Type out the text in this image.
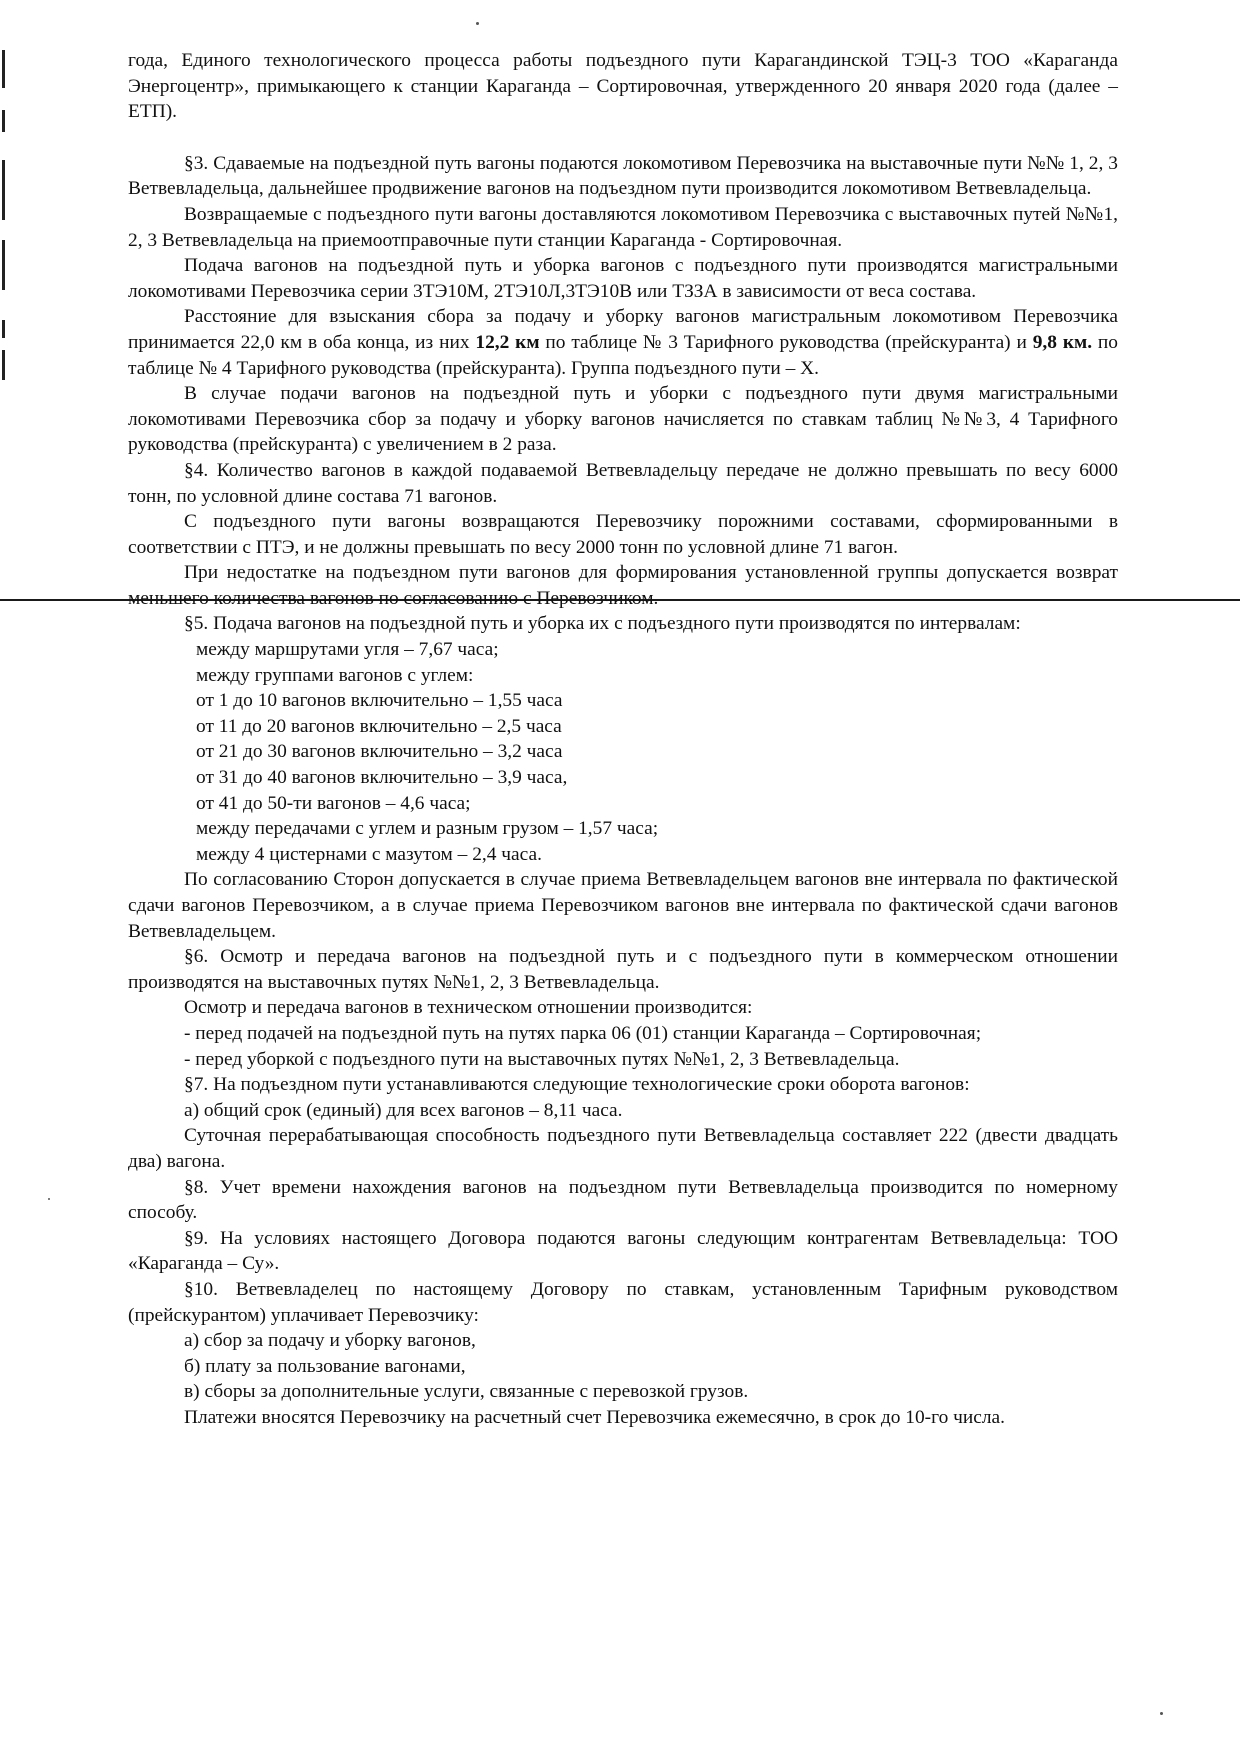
года, Единого технологического процесса работы подъездного пути Карагандинской ТЭЦ-3 ТОО «Караганда Энергоцентр», примыкающего к станции Караганда – Сортировочная, утвержденного 20 января 2020 года (далее – ЕТП).

§3. Сдаваемые на подъездной путь вагоны подаются локомотивом Перевозчика на выставочные пути №№ 1, 2, 3 Ветвевладельца, дальнейшее продвижение вагонов на подъездном пути производится локомотивом Ветвевладельца.

Возвращаемые с подъездного пути вагоны доставляются локомотивом Перевозчика с выставочных путей №№1, 2, 3 Ветвевладельца на приемоотправочные пути станции Караганда - Сортировочная.

Подача вагонов на подъездной путь и уборка вагонов с подъездного пути производятся магистральными локомотивами Перевозчика серии 3ТЭ10М, 2ТЭ10Л,3ТЭ10В или ТЗЗА в зависимости от веса состава.

Расстояние для взыскания сбора за подачу и уборку вагонов магистральным локомотивом Перевозчика принимается 22,0 км в оба конца, из них 12,2 км по таблице № 3 Тарифного руководства (прейскуранта) и 9,8 км. по таблице № 4 Тарифного руководства (прейскуранта). Группа подъездного пути – Х.

В случае подачи вагонов на подъездной путь и уборки с подъездного пути двумя магистральными локомотивами Перевозчика сбор за подачу и уборку вагонов начисляется по ставкам таблиц №№3, 4 Тарифного руководства (прейскуранта) с увеличением в 2 раза.

§4. Количество вагонов в каждой подаваемой Ветвевладельцу передаче не должно превышать по весу 6000 тонн, по условной длине состава 71 вагонов.

С подъездного пути вагоны возвращаются Перевозчику порожними составами, сформированными в соответствии с ПТЭ, и не должны превышать по весу 2000 тонн по условной длине 71 вагон.

При недостатке на подъездном пути вагонов для формирования установленной группы допускается возврат меньшего количества вагонов по согласованию с Перевозчиком.

§5. Подача вагонов на подъездной путь и уборка их с подъездного пути производятся по интервалам:

между маршрутами угля – 7,67 часа;

между группами вагонов с углем:

от 1 до 10 вагонов включительно – 1,55 часа

от 11 до 20 вагонов включительно – 2,5 часа

от 21 до 30 вагонов включительно – 3,2 часа

от 31 до 40 вагонов включительно – 3,9 часа,

от 41 до 50-ти вагонов – 4,6 часа;

между передачами с углем и разным грузом – 1,57 часа;

между 4 цистернами с мазутом – 2,4 часа.

По согласованию Сторон допускается в случае приема Ветвевладельцем вагонов вне интервала по фактической сдачи вагонов Перевозчиком, а в случае приема Перевозчиком вагонов вне интервала по фактической сдачи вагонов Ветвевладельцем.

§6. Осмотр и передача вагонов на подъездной путь и с подъездного пути в коммерческом отношении производятся на выставочных путях №№1, 2, 3 Ветвевладельца.

Осмотр и передача вагонов в техническом отношении производится:

- перед подачей на подъездной путь на путях парка 06 (01) станции Караганда – Сортировочная;

- перед уборкой с подъездного пути на выставочных путях №№1, 2, 3 Ветвевладельца.

§7. На подъездном пути устанавливаются следующие технологические сроки оборота вагонов:

а) общий срок (единый) для всех вагонов – 8,11 часа.

Суточная перерабатывающая способность подъездного пути Ветвевладельца составляет 222 (двести двадцать два) вагона.

§8. Учет времени нахождения вагонов на подъездном пути Ветвевладельца производится по номерному способу.

§9. На условиях настоящего Договора подаются вагоны следующим контрагентам Ветвевладельца: ТОО «Караганда – Су».

§10. Ветвевладелец по настоящему Договору по ставкам, установленным Тарифным руководством (прейскурантом) уплачивает Перевозчику:

а) сбор за подачу и уборку вагонов,

б) плату за пользование вагонами,

в) сборы за дополнительные услуги, связанные с перевозкой грузов.

Платежи вносятся Перевозчику на расчетный счет Перевозчика ежемесячно, в срок до 10-го числа.
